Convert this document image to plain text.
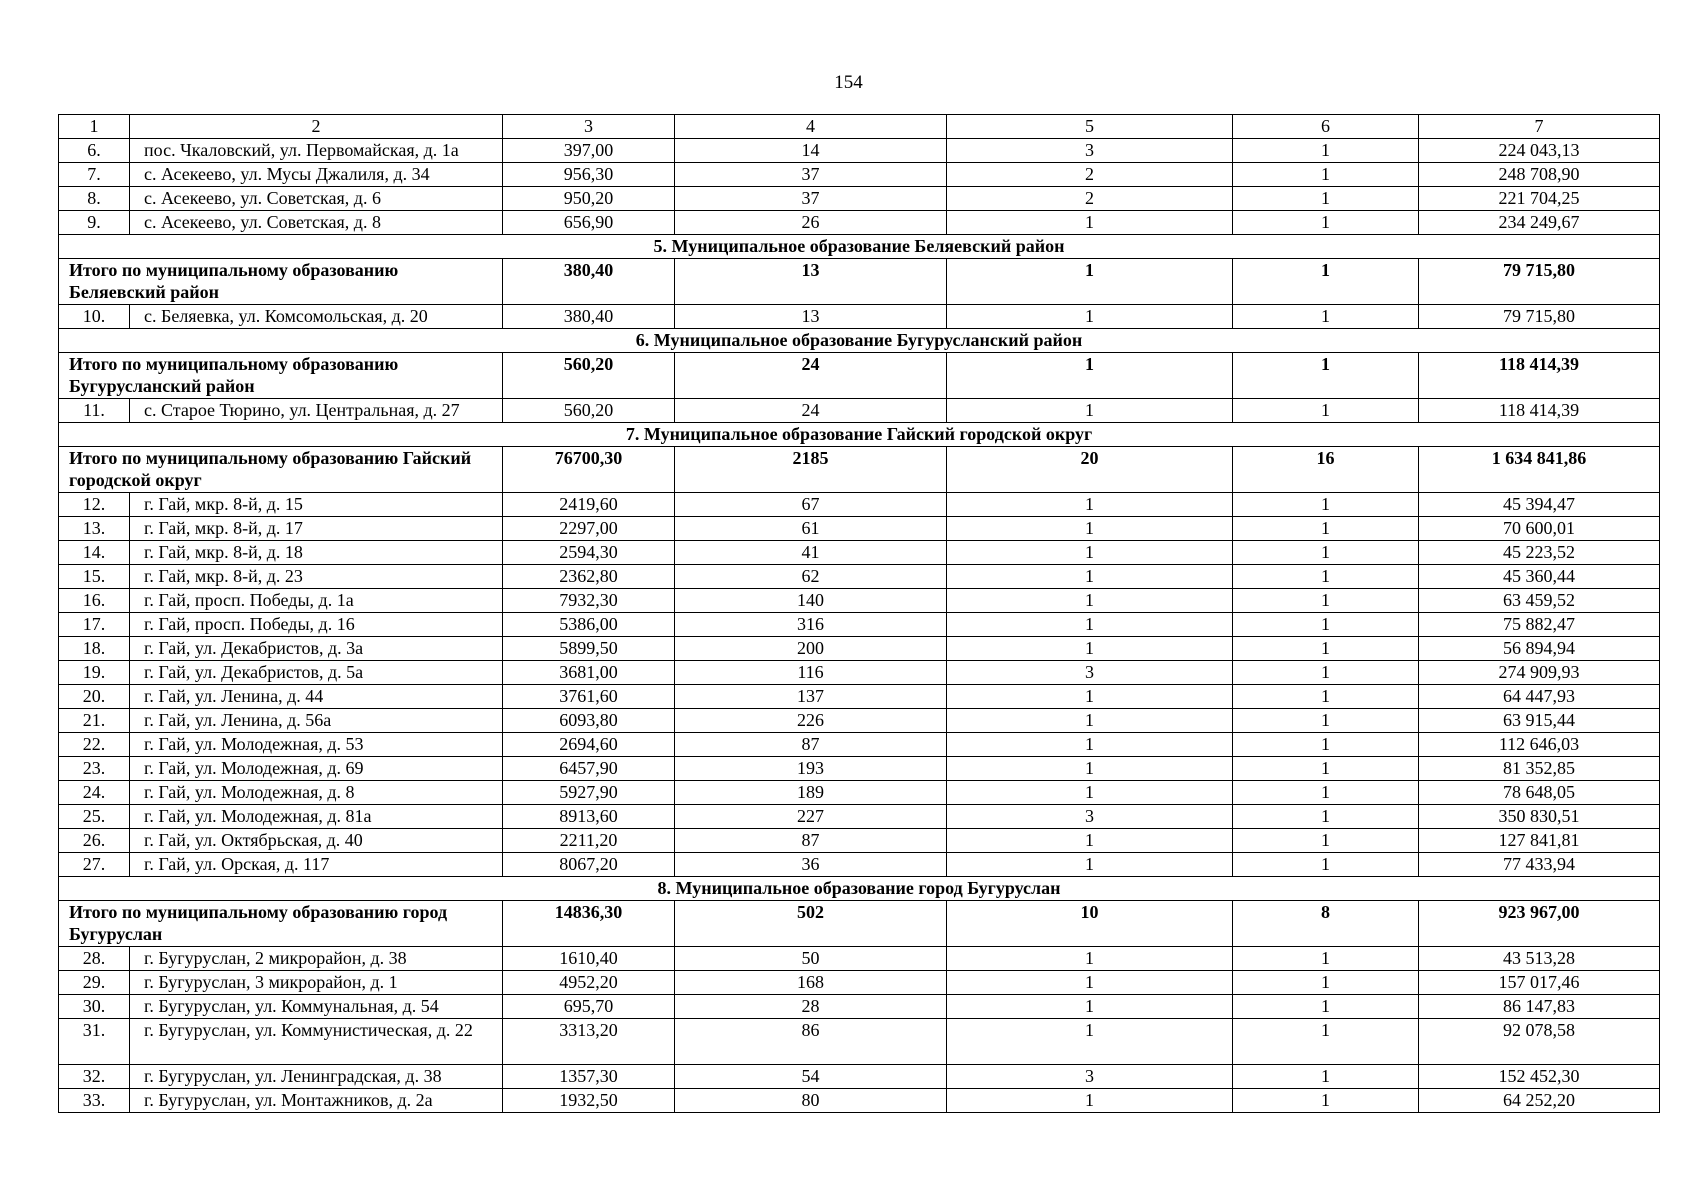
154
1	2	3	4	5	6	7
6.	пос. Чкаловский, ул. Первомайская, д. 1а	397,00	14	3	1	224 043,13
7.	с. Асекеево, ул. Мусы Джалиля, д. 34	956,30	37	2	1	248 708,90
8.	с. Асекеево, ул. Советская, д. 6	950,20	37	2	1	221 704,25
9.	с. Асекеево, ул. Советская, д. 8	656,90	26	1	1	234 249,67
5. Муниципальное образование Беляевский район						
Итого по муниципальному образованию Беляевский район		380,40	13	1	1	79 715,80
10.	с. Беляевка, ул. Комсомольская, д. 20	380,40	13	1	1	79 715,80
6. Муниципальное образование Бугурусланский район						
Итого по муниципальному образованию Бугурусланский район		560,20	24	1	1	118 414,39
11.	с. Старое Тюрино, ул. Центральная, д. 27	560,20	24	1	1	118 414,39
7. Муниципальное образование Гайский городской округ						
Итого по муниципальному образованию Гайский городской округ		76700,30	2185	20	16	1 634 841,86
12.	г. Гай, мкр. 8-й, д. 15	2419,60	67	1	1	45 394,47
13.	г. Гай, мкр. 8-й, д. 17	2297,00	61	1	1	70 600,01
14.	г. Гай, мкр. 8-й, д. 18	2594,30	41	1	1	45 223,52
15.	г. Гай, мкр. 8-й, д. 23	2362,80	62	1	1	45 360,44
16.	г. Гай, просп. Победы, д. 1а	7932,30	140	1	1	63 459,52
17.	г. Гай, просп. Победы, д. 16	5386,00	316	1	1	75 882,47
18.	г. Гай, ул. Декабристов, д. 3а	5899,50	200	1	1	56 894,94
19.	г. Гай, ул. Декабристов, д. 5а	3681,00	116	3	1	274 909,93
20.	г. Гай, ул. Ленина, д. 44	3761,60	137	1	1	64 447,93
21.	г. Гай, ул. Ленина, д. 56а	6093,80	226	1	1	63 915,44
22.	г. Гай, ул. Молодежная, д. 53	2694,60	87	1	1	112 646,03
23.	г. Гай, ул. Молодежная, д. 69	6457,90	193	1	1	81 352,85
24.	г. Гай, ул. Молодежная, д. 8	5927,90	189	1	1	78 648,05
25.	г. Гай, ул. Молодежная, д. 81а	8913,60	227	3	1	350 830,51
26.	г. Гай, ул. Октябрьская, д. 40	2211,20	87	1	1	127 841,81
27.	г. Гай, ул. Орская, д. 117	8067,20	36	1	1	77 433,94
8. Муниципальное образование город Бугуруслан						
Итого по муниципальному образованию город Бугуруслан		14836,30	502	10	8	923 967,00
28.	г. Бугуруслан, 2 микрорайон, д. 38	1610,40	50	1	1	43 513,28
29.	г. Бугуруслан, 3 микрорайон, д. 1	4952,20	168	1	1	157 017,46
30.	г. Бугуруслан, ул. Коммунальная, д. 54	695,70	28	1	1	86 147,83
31.	г. Бугуруслан, ул. Коммунистическая, д. 22	3313,20	86	1	1	92 078,58
32.	г. Бугуруслан, ул. Ленинградская, д. 38	1357,30	54	3	1	152 452,30
33.	г. Бугуруслан, ул. Монтажников, д. 2а	1932,50	80	1	1	64 252,20
